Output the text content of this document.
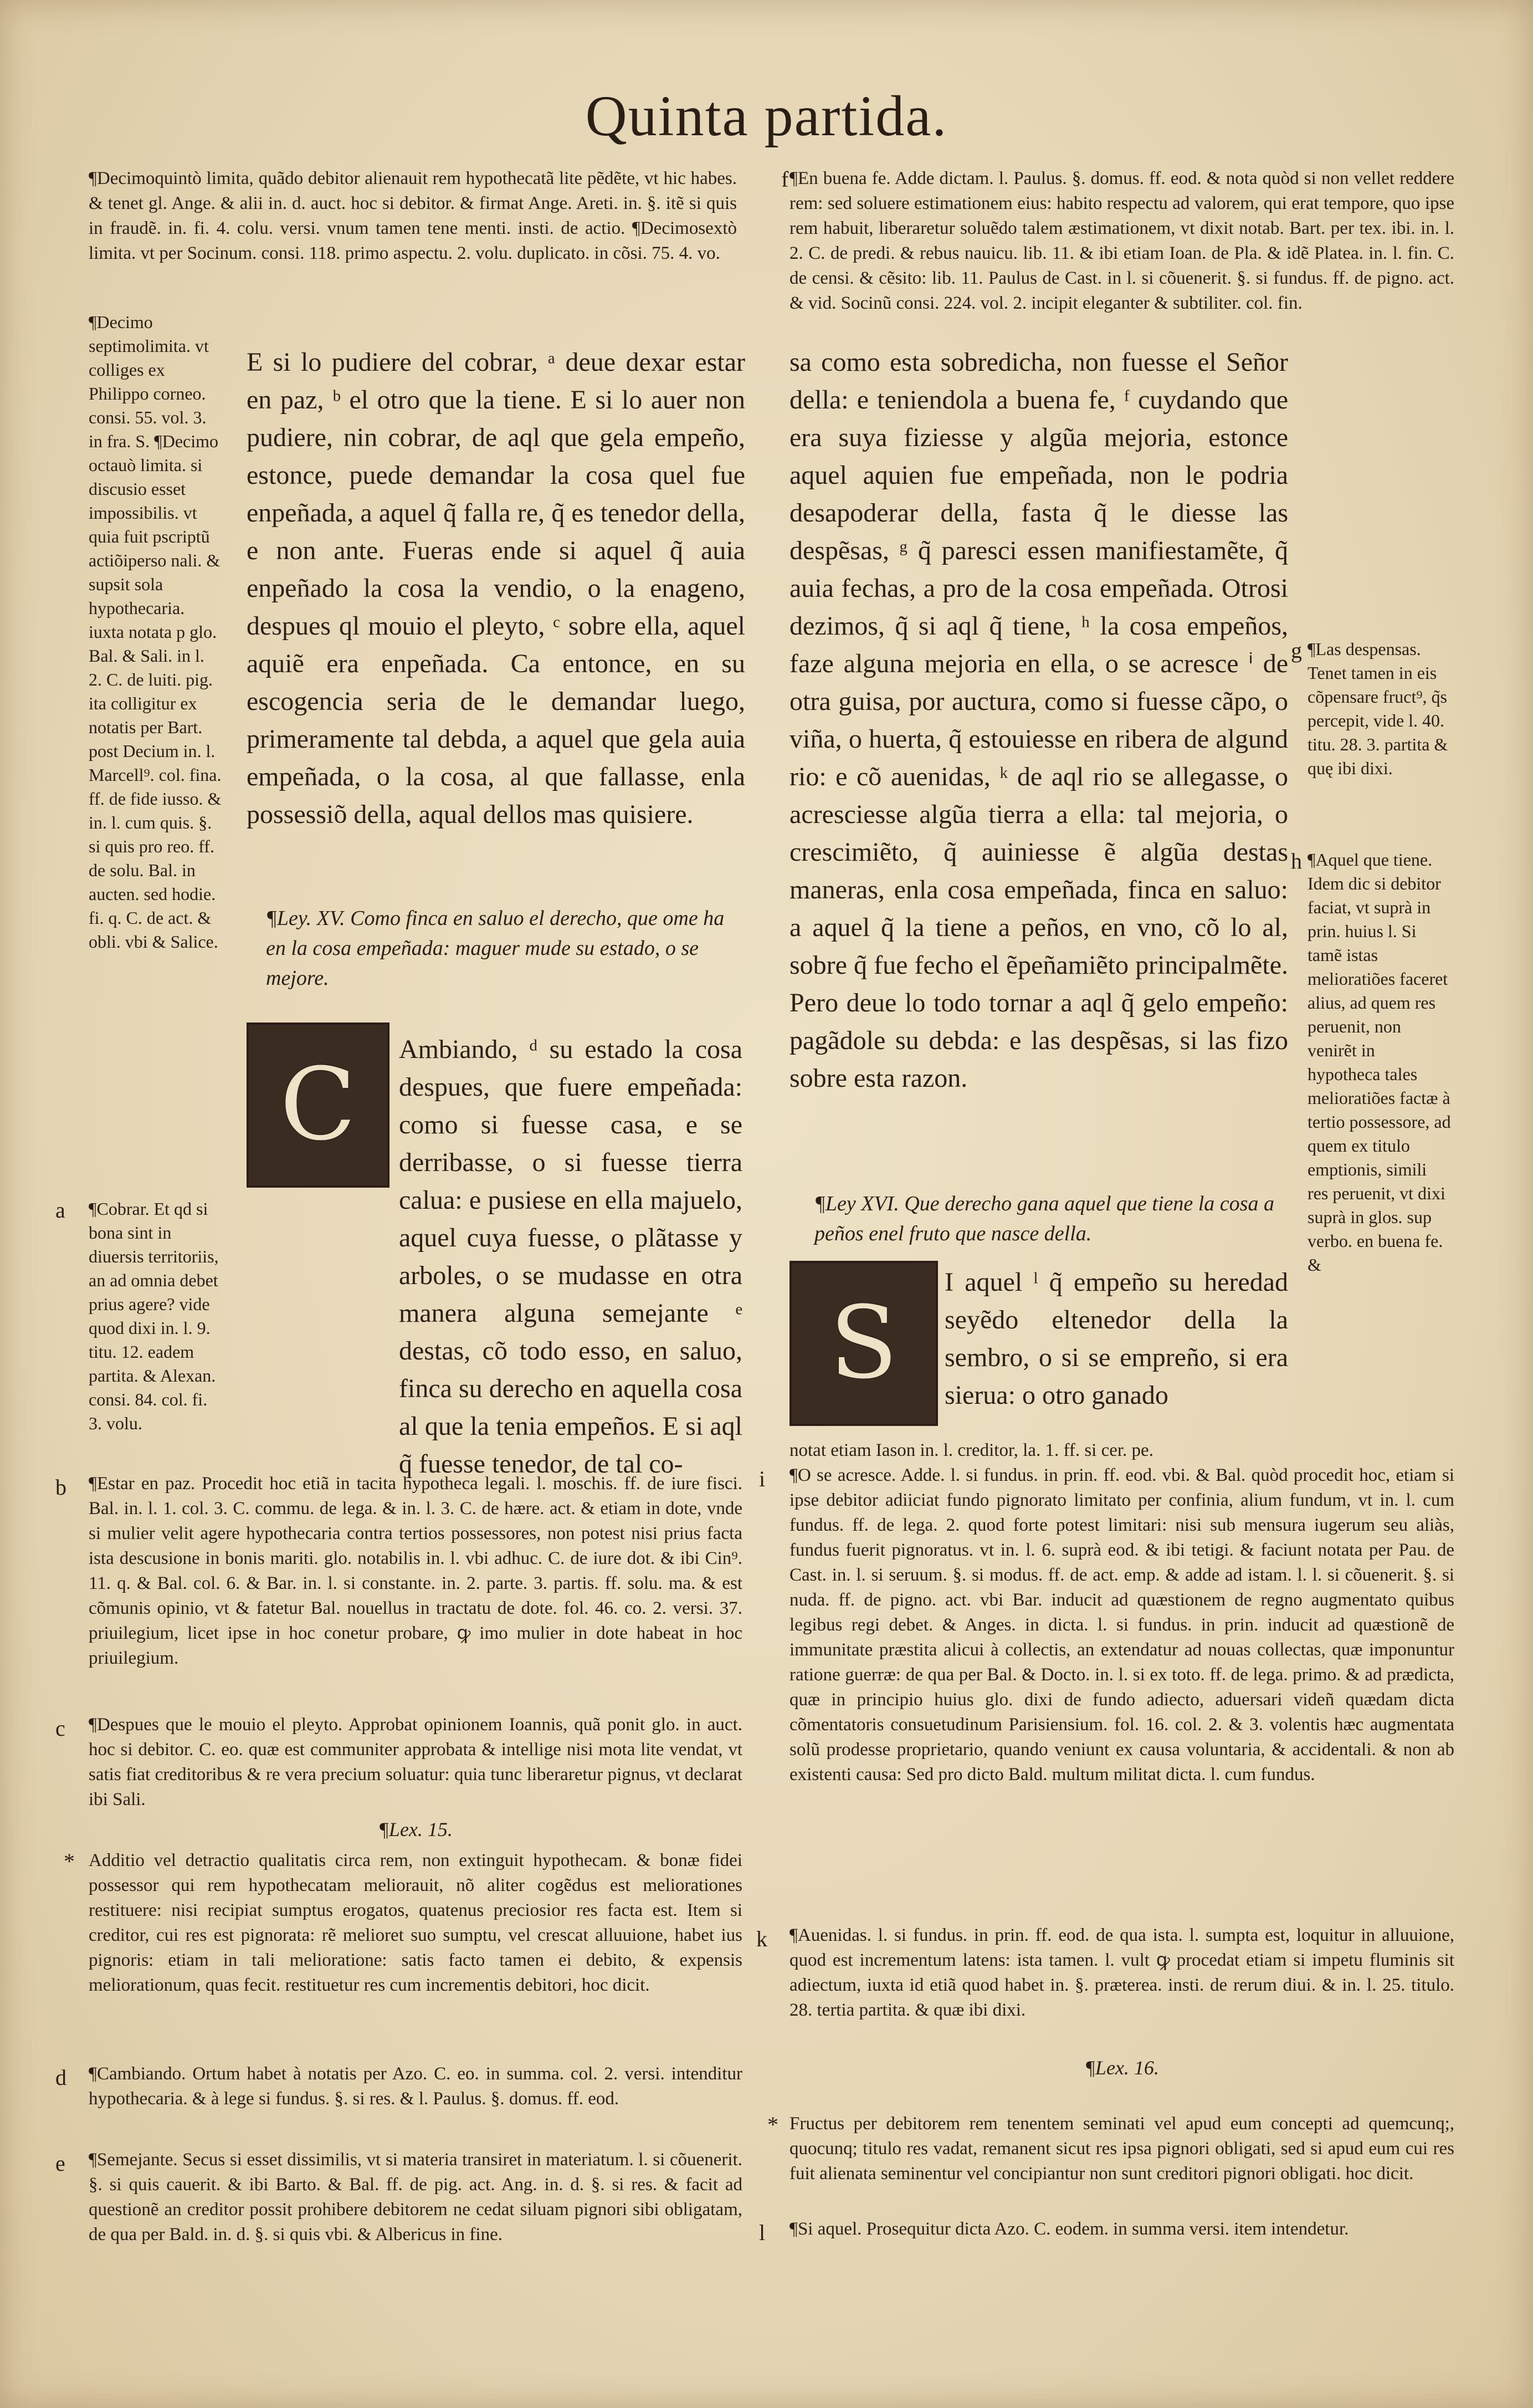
Quinta partida.

¶Decimoquintò limita, quãdo debitor alienauit rem hypothecatã lite pẽdẽte, vt hic habes. & tenet gl. Ange. & alii in. d. auct. hoc si debitor. & firmat Ange. Areti. in. §. itẽ si quis in fraudẽ. in. fi. 4. colu. versi. vnum tamen tene menti. insti. de actio. ¶Decimosextò limita. vt per Socinum. consi. 118. primo aspectu. 2. volu. duplicato. in cõsi. 75. 4. vo.

¶Decimo septimolimita. vt colliges ex Philippo corneo. consi. 55. vol. 3. in fra. S. ¶Decimo octauò limita. si discusio esset impossibilis. vt quia fuit pscriptũ actiõiperso nali. & supsit sola hypothecaria. iuxta notata p glo. Bal. & Sali. in l. 2. C. de luiti. pig. ita colligitur ex notatis per Bart. post Decium in. l. Marcell⁹. col. fina. ff. de fide iusso. & in. l. cum quis. §. si quis pro reo. ff. de solu. Bal. in aucten. sed hodie. fi. q. C. de act. & obli. vbi & Salice.

a ¶Cobrar. Et qd si bona sint in diuersis territoriis, an ad omnia debet prius agere? vide quod dixi in. l. 9. titu. 12. eadem partita. & Alexan. consi. 84. col. fi. 3. volu.

E si lo pudiere del cobrar, ᵃ deue dexar estar en paz, ᵇ el otro que la tiene. E si lo auer non pudiere, nin cobrar, de aql que gela empeño, estonce, puede demandar la cosa quel fue enpeñada, a aquel q̃ falla re, q̃ es tenedor della, e non ante. Fueras ende si aquel q̃ auia enpeñado la cosa la vendio, o la enageno, despues ql mouio el pleyto, ᶜ sobre ella, aquel aquiẽ era enpeñada. Ca entonce, en su escogencia seria de le demandar luego, primeramente tal debda, a aquel que gela auia empeñada, o la cosa, al que fallasse, enla possessiõ della, aqual dellos mas quisiere.

¶Ley. XV. Como finca en saluo el derecho, que ome ha en la cosa empeñada: maguer mude su estado, o se mejore.

C Ambiando, ᵈ su estado la cosa despues, que fuere empeñada: como si fuesse casa, e se derribasse, o si fuesse tierra calua: e pusiese en ella majuelo, aquel cuya fuesse, o plãtasse y arboles, o se mudasse en otra manera alguna semejante ᵉ destas, cõ todo esso, en saluo, finca su derecho en aquella cosa al que la tenia empeños. E si aql q̃ fuesse tenedor, de tal co-

b ¶Estar en paz. Procedit hoc etiã in tacita hypotheca legali. l. moschis. ff. de iure fisci. Bal. in. l. 1. col. 3. C. commu. de lega. & in. l. 3. C. de hære. act. & etiam in dote, vnde si mulier velit agere hypothecaria contra tertios possessores, non potest nisi prius facta ista descusione in bonis mariti. glo. notabilis in. l. vbi adhuc. C. de iure dot. & ibi Cin⁹. 11. q. & Bal. col. 6. & Bar. in. l. si constante. in. 2. parte. 3. partis. ff. solu. ma. & est cõmunis opinio, vt & fatetur Bal. nouellus in tractatu de dote. fol. 46. co. 2. versi. 37. priuilegium, licet ipse in hoc conetur probare, ꝙ imo mulier in dote habeat in hoc priuilegium.

c ¶Despues que le mouio el pleyto. Approbat opinionem Ioannis, quã ponit glo. in auct. hoc si debitor. C. eo. quæ est communiter approbata & intellige nisi mota lite vendat, vt satis fiat creditoribus & re vera precium soluatur: quia tunc liberaretur pignus, vt declarat ibi Sali.

¶Lex. 15.

* Additio vel detractio qualitatis circa rem, non extinguit hypothecam. & bonæ fidei possessor qui rem hypothecatam meliorauit, nõ aliter cogẽdus est meliorationes restituere: nisi recipiat sumptus erogatos, quatenus preciosior res facta est. Item si creditor, cui res est pignorata: rẽ melioret suo sumptu, vel crescat alluuione, habet ius pignoris: etiam in tali melioratione: satis facto tamen ei debito, & expensis meliorationum, quas fecit. restituetur res cum incrementis debitori, hoc dicit.

d ¶Cambiando. Ortum habet à notatis per Azo. C. eo. in summa. col. 2. versi. intenditur hypothecaria. & à lege si fundus. §. si res. & l. Paulus. §. domus. ff. eod.

e ¶Semejante. Secus si esset dissimilis, vt si materia transiret in materiatum. l. si cõuenerit. §. si quis cauerit. & ibi Barto. & Bal. ff. de pig. act. Ang. in. d. §. si res. & facit ad questionẽ an creditor possit prohibere debitorem ne cedat siluam pignori sibi obligatam, de qua per Bald. in. d. §. si quis vbi. & Albericus in fine.

f ¶En buena fe. Adde dictam. l. Paulus. §. domus. ff. eod. & nota quòd si non vellet reddere rem: sed soluere estimationem eius: habito respectu ad valorem, qui erat tempore, quo ipse rem habuit, liberaretur soluẽdo talem æstimationem, vt dixit notab. Bart. per tex. ibi. in. l. 2. C. de predi. & rebus nauicu. lib. 11. & ibi etiam Ioan. de Pla. & idẽ Platea. in. l. fin. C. de censi. & cẽsito: lib. 11. Paulus de Cast. in l. si cõuenerit. §. si fundus. ff. de pigno. act. & vid. Socinũ consi. 224. vol. 2. incipit eleganter & subtiliter. col. fin.

sa como esta sobredicha, non fuesse el Señor della: e teniendola a buena fe, ᶠ cuydando que era suya fiziesse y algũa mejoria, estonce aquel aquien fue empeñada, non le podria desapoderar della, fasta q̃ le diesse las despẽsas, ᵍ q̃ paresci essen manifiestamẽte, q̃ auia fechas, a pro de la cosa empeñada. Otrosi dezimos, q̃ si aql q̃ tiene, ʰ la cosa empeños, faze alguna mejoria en ella, o se acresce ⁱ de otra guisa, por auctura, como si fuesse cãpo, o viña, o huerta, q̃ estouiesse en ribera de algund rio: e cõ auenidas, ᵏ de aql rio se allegasse, o acresciesse algũa tierra a ella: tal mejoria, o crescimiẽto, q̃ auiniesse ẽ algũa destas maneras, enla cosa empeñada, finca en saluo: a aquel q̃ la tiene a peños, en vno, cõ lo al, sobre q̃ fue fecho el ẽpeñamiẽto principalmẽte. Pero deue lo todo tornar a aql q̃ gelo empeño: pagãdole su debda: e las despẽsas, si las fizo sobre esta razon.

g ¶Las despensas. Tenet tamen in eis cõpensare fruct⁹, q̃s percepit, vide l. 40. titu. 28. 3. partita & quę ibi dixi.

h ¶Aquel que tiene. Idem dic si debitor faciat, vt suprà in prin. huius l. Si tamẽ istas melioratiões faceret alius, ad quem res peruenit, non venirẽt in hypotheca tales melioratiões factæ à tertio possessore, ad quem ex titulo emptionis, simili res peruenit, vt dixi suprà in glos. sup verbo. en buena fe. &

¶Ley XVI. Que derecho gana aquel que tiene la cosa a peños enel fruto que nasce della.

S

I aquel ˡ q̃ empeño su heredad seyẽdo eltenedor della la sembro, o si se empreño, si era sierua: o otro ganado

notat etiam Iason in. l. creditor, la. 1. ff. si cer. pe.

i ¶O se acresce. Adde. l. si fundus. in prin. ff. eod. vbi. & Bal. quòd procedit hoc, etiam si ipse debitor adiiciat fundo pignorato limitato per confinia, alium fundum, vt in. l. cum fundus. ff. de lega. 2. quod forte potest limitari: nisi sub mensura iugerum seu aliàs, fundus fuerit pignoratus. vt in. l. 6. suprà eod. & ibi tetigi. & faciunt notata per Pau. de Cast. in. l. si seruum. §. si modus. ff. de act. emp. & adde ad istam. l. l. si cõuenerit. §. si nuda. ff. de pigno. act. vbi Bar. inducit ad quæstionem de regno augmentato quibus legibus regi debet. & Anges. in dicta. l. si fundus. in prin. inducit ad quæstionẽ de immunitate præstita alicui à collectis, an extendatur ad nouas collectas, quæ imponuntur ratione guerræ: de qua per Bal. & Docto. in. l. si ex toto. ff. de lega. primo. & ad prædicta, quæ in principio huius glo. dixi de fundo adiecto, aduersari videñ quædam dicta cõmentatoris consuetudinum Parisiensium. fol. 16. col. 2. & 3. volentis hæc augmentata solũ prodesse proprietario, quando veniunt ex causa voluntaria, & accidentali. & non ab existenti causa: Sed pro dicto Bald. multum militat dicta. l. cum fundus.

k ¶Auenidas. l. si fundus. in prin. ff. eod. de qua ista. l. sumpta est, loquitur in alluuione, quod est incrementum latens: ista tamen. l. vult ꝙ procedat etiam si impetu fluminis sit adiectum, iuxta id etiã quod habet in. §. præterea. insti. de rerum diui. & in. l. 25. titulo. 28. tertia partita. & quæ ibi dixi.

¶Lex. 16.

* Fructus per debitorem rem tenentem seminati vel apud eum concepti ad quemcunq;, quocunq; titulo res vadat, remanent sicut res ipsa pignori obligati, sed si apud eum cui res fuit alienata seminentur vel concipiantur non sunt creditori pignori obligati. hoc dicit.

l ¶Si aquel. Prosequitur dicta Azo. C. eodem. in summa versi. item intendetur.
